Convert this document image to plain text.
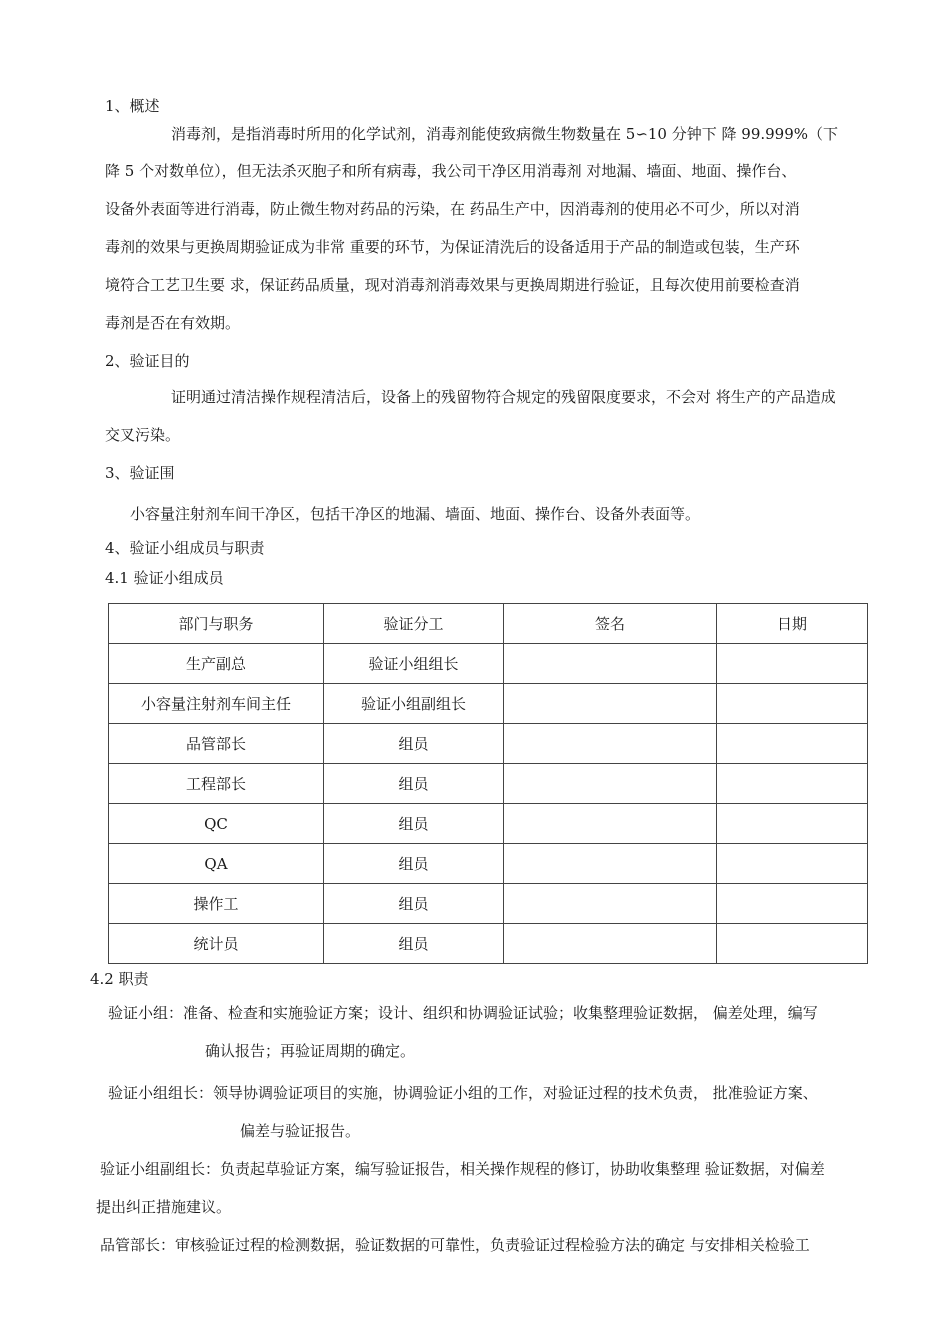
1、概述
消毒剂，是指消毒时所用的化学试剂，消毒剂能使致病微生物数量在 5∽10 分钟下 降 99.999%（下
降 5 个对数单位），但无法杀灭胞子和所有病毒，我公司干净区用消毒剂 对地漏、墙面、地面、操作台、
设备外表面等进行消毒，防止微生物对药品的污染，在 药品生产中，因消毒剂的使用必不可少，所以对消
毒剂的效果与更换周期验证成为非常 重要的环节，为保证清洗后的设备适用于产品的制造或包装，生产环
境符合工艺卫生要 求，保证药品质量，现对消毒剂消毒效果与更换周期进行验证，且每次使用前要检查消
毒剂是否在有效期。
2、验证目的
证明通过清洁操作规程清洁后，设备上的残留物符合规定的残留限度要求，不会对 将生产的产品造成
交叉污染。
3、验证围
小容量注射剂车间干净区，包括干净区的地漏、墙面、地面、操作台、设备外表面等。
4、验证小组成员与职责
4.1 验证小组成员
部门与职务	验证分工	签名	日期
生产副总	验证小组组长		
小容量注射剂车间主任	验证小组副组长		
品管部长	组员		
工程部长	组员		
QC	组员		
QA	组员		
操作工	组员		
统计员	组员		
4.2 职责
验证小组：准备、检查和实施验证方案；设计、组织和协调验证试验；收集整理验证数据， 偏差处理，编写
确认报告；再验证周期的确定。
验证小组组长：领导协调验证项目的实施，协调验证小组的工作，对验证过程的技术负责， 批准验证方案、
偏差与验证报告。
验证小组副组长：负责起草验证方案，编写验证报告，相关操作规程的修订，协助收集整理 验证数据，对偏差
提出纠正措施建议。
品管部长：审核验证过程的检测数据，验证数据的可靠性，负责验证过程检验方法的确定 与安排相关检验工
